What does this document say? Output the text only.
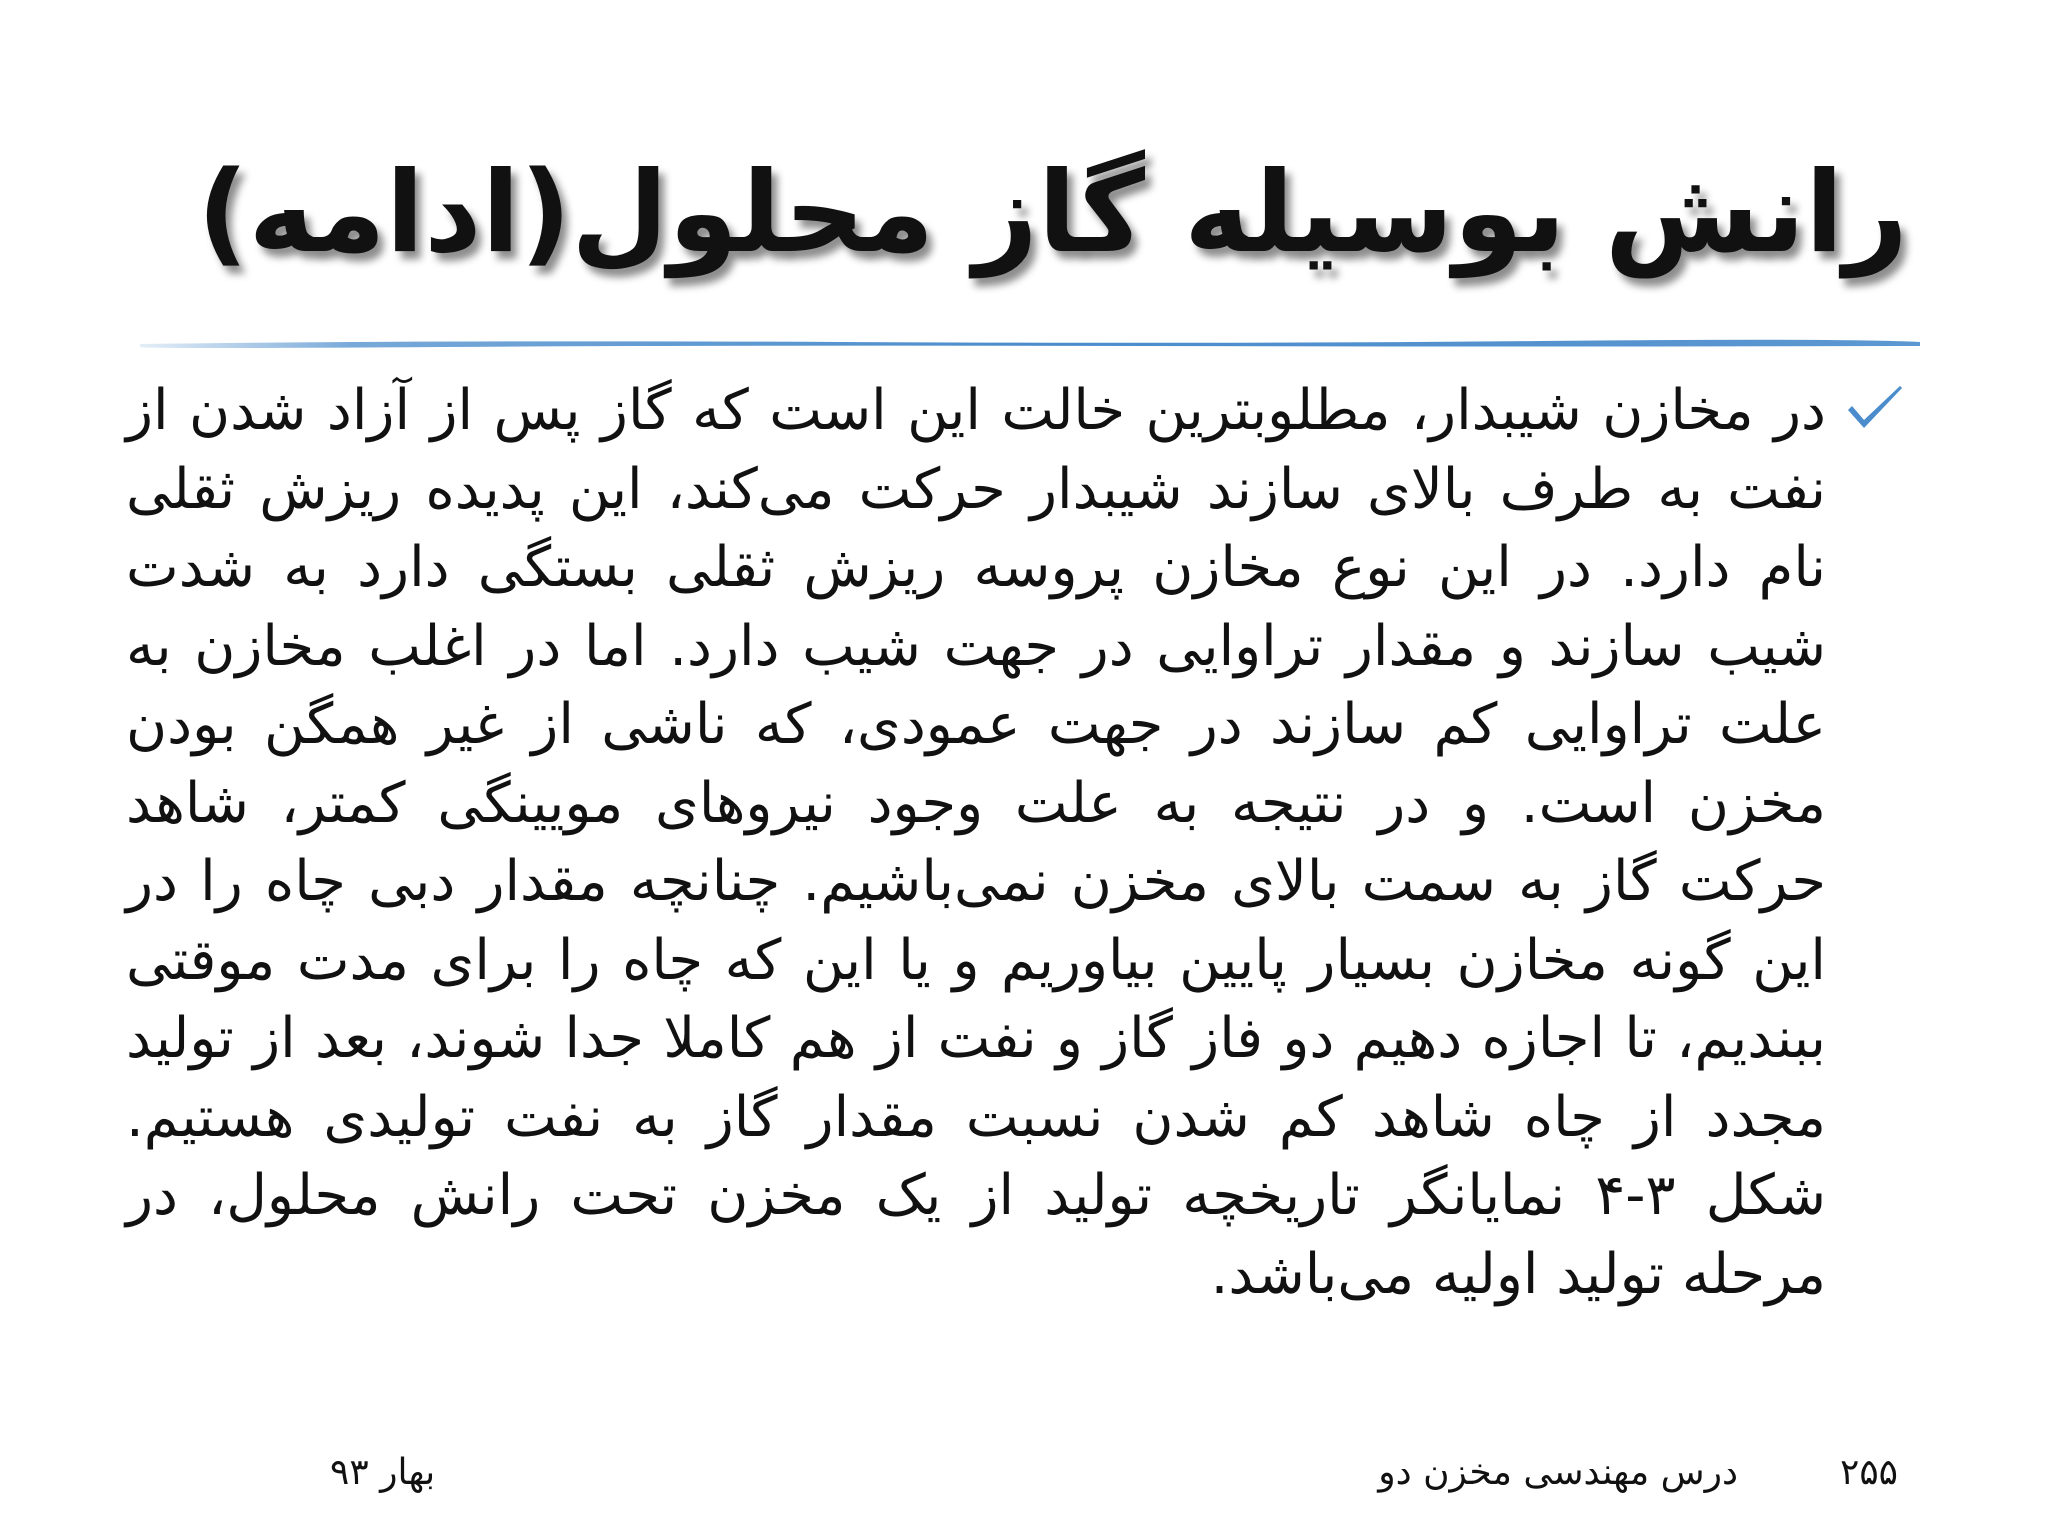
رانش بوسیله گاز محلول(ادامه)

در مخازن شیبدار، مطلوبترین خالت این است که گاز پس از آزاد شدن از نفت به طرف بالای سازند شیبدار حرکت می‌کند، این پدیده ریزش ثقلی نام دارد. در این نوع مخازن پروسه ریزش ثقلی بستگی دارد به شدت شیب سازند و مقدار تراوایی در جهت شیب دارد. اما در اغلب مخازن به علت تراوایی کم سازند در جهت عمودی، که ناشی از غیر همگن بودن مخزن است. و در نتیجه به علت وجود نیروهای مویینگی کمتر، شاهد حرکت گاز به سمت بالای مخزن نمی‌باشیم. چنانچه مقدار دبی چاه را در این گونه مخازن بسیار پایین بیاوریم و یا این که چاه را برای مدت موقتی ببندیم، تا اجازه دهیم دو فاز گاز و نفت از هم کاملا جدا شوند، بعد از تولید مجدد از چاه شاهد کم شدن نسبت مقدار گاز به نفت تولیدی هستیم. شکل ۳-۴ نمایانگر تاریخچه تولید از یک مخزن تحت رانش محلول، در مرحله تولید اولیه می‌باشد.

۲۵۵
درس مهندسی مخزن دو
بهار ۹۳
